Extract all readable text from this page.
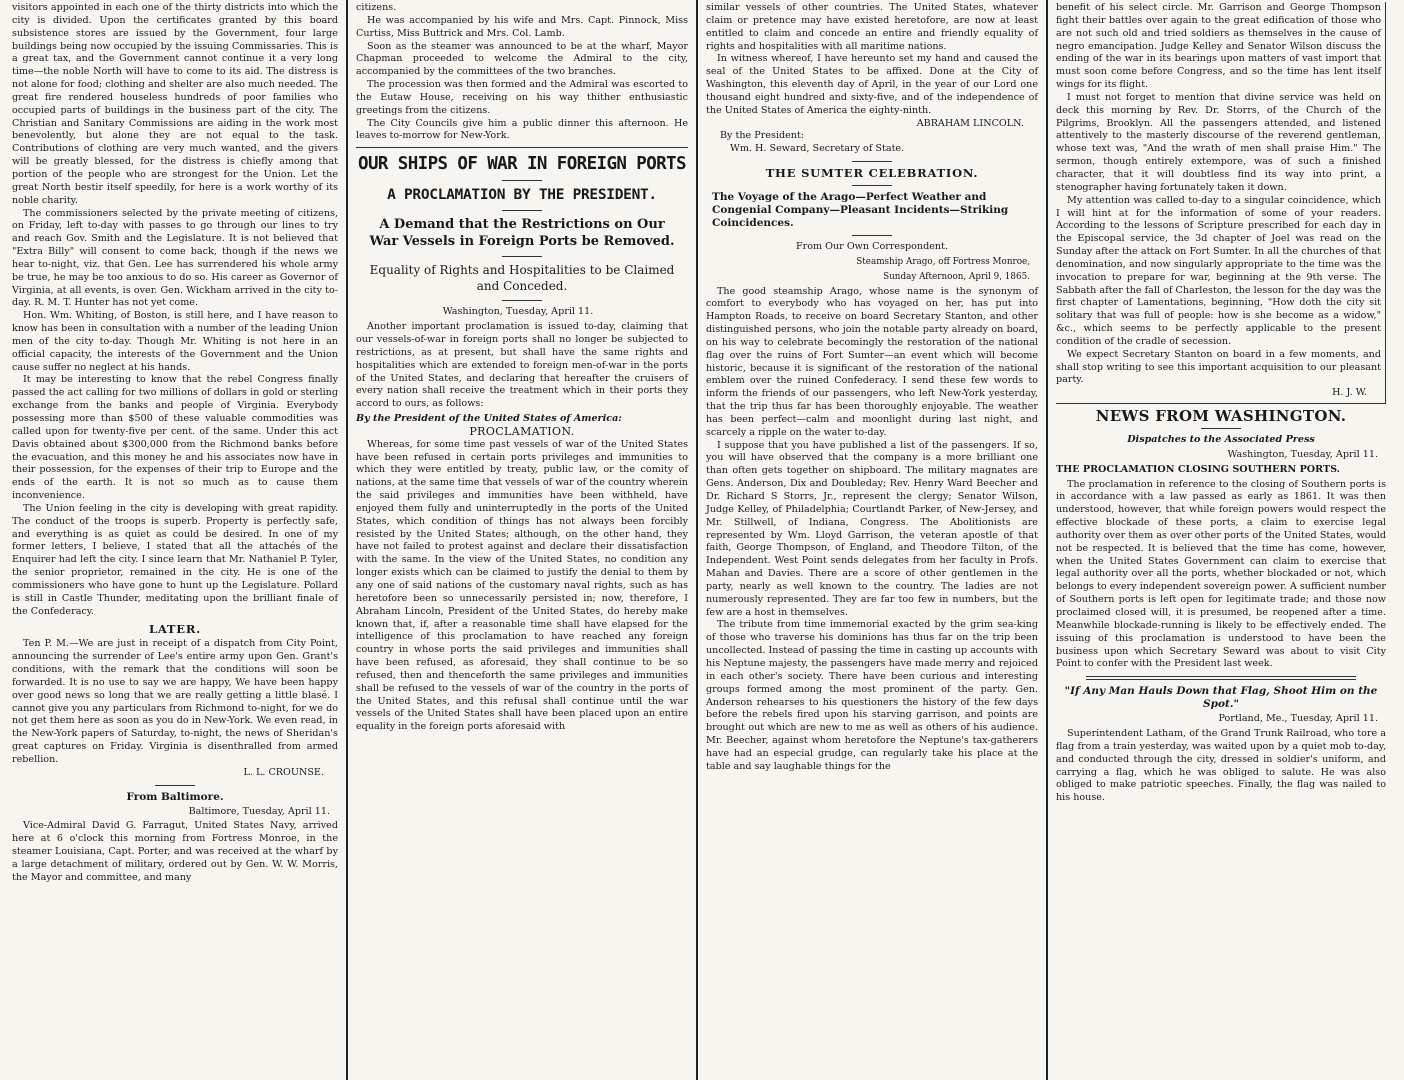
visitors appointed in each one of the thirty districts into which the city is divided. Upon the certificates granted by this board subsistence stores are issued by the Government, four large buildings being now occupied by the issuing Commissaries. This is a great tax, and the Government cannot continue it a very long time—the noble North will have to come to its aid. The distress is not alone for food; clothing and shelter are also much needed. The great fire rendered houseless hundreds of poor families who occupied parts of buildings in the business part of the city. The Christian and Sanitary Commissions are aiding in the work most benevolently, but alone they are not equal to the task. Contributions of clothing are very much wanted, and the givers will be greatly blessed, for the distress is chiefly among that portion of the people who are strongest for the Union. Let the great North bestir itself speedily, for here is a work worthy of its noble charity.

The commissioners selected by the private meeting of citizens, on Friday, left to-day with passes to go through our lines to try and reach Gov. Smith and the Legislature. It is not believed that "Extra Billy" will consent to come back, though if the news we hear to-night, viz. that Gen. Lee has surrendered his whole army be true, he may be too anxious to do so. His career as Governor of Virginia, at all events, is over. Gen. Wickham arrived in the city to-day. R. M. T. Hunter has not yet come.

Hon. Wm. Whiting, of Boston, is still here, and I have reason to know has been in consultation with a number of the leading Union men of the city to-day. Though Mr. Whiting is not here in an official capacity, the interests of the Government and the Union cause suffer no neglect at his hands.

It may be interesting to know that the rebel Congress finally passed the act calling for two millions of dollars in gold or sterling exchange from the banks and people of Virginia. Everybody possessing more than $500 of these valuable commodities was called upon for twenty-five per cent. of the same. Under this act Davis obtained about $300,000 from the Richmond banks before the evacuation, and this money he and his associates now have in their possession, for the expenses of their trip to Europe and the ends of the earth. It is not so much as to cause them inconvenience.

The Union feeling in the city is developing with great rapidity. The conduct of the troops is superb. Property is perfectly safe, and everything is as quiet as could be desired. In one of my former letters, I believe, I stated that all the attachés of the Enquirer had left the city. I since learn that Mr. Nathaniel P. Tyler, the senior proprietor, remained in the city. He is one of the commissioners who have gone to hunt up the Legislature. Pollard is still in Castle Thunder, meditating upon the brilliant finale of the Confederacy.

LATER.

Ten P. M.—We are just in receipt of a dispatch from City Point, announcing the surrender of Lee's entire army upon Gen. Grant's conditions, with the remark that the conditions will soon be forwarded. It is no use to say we are happy, We have been happy over good news so long that we are really getting a little blasé. I cannot give you any particulars from Richmond to-night, for we do not get them here as soon as you do in New-York. We even read, in the New-York papers of Saturday, to-night, the news of Sheridan's great captures on Friday. Virginia is disenthralled from armed rebellion.

L. L. CROUNSE.
From Baltimore.
Baltimore, Tuesday, April 11.

Vice-Admiral David G. Farragut, United States Navy, arrived here at 6 o'clock this morning from Fortress Monroe, in the steamer Louisiana, Capt. Porter, and was received at the wharf by a large detachment of military, ordered out by Gen. W. W. Morris, the Mayor and committee, and many

citizens.

He was accompanied by his wife and Mrs. Capt. Pinnock, Miss Curtiss, Miss Buttrick and Mrs. Col. Lamb.

Soon as the steamer was announced to be at the wharf, Mayor Chapman proceeded to welcome the Admiral to the city, accompanied by the committees of the two branches.

The procession was then formed and the Admiral was escorted to the Eutaw House, receiving on his way thither enthusiastic greetings from the citizens.

The City Councils give him a public dinner this afternoon. He leaves to-morrow for New-York.

OUR SHIPS OF WAR IN FOREIGN PORTS
A PROCLAMATION BY THE PRESIDENT.
A Demand that the Restrictions on Our War Vessels in Foreign Ports be Removed.
Equality of Rights and Hospitalities to be Claimed and Conceded.
Washington, Tuesday, April 11.

Another important proclamation is issued to-day, claiming that our vessels-of-war in foreign ports shall no longer be subjected to restrictions, as at present, but shall have the same rights and hospitalities which are extended to foreign men-of-war in the ports of the United States, and declaring that hereafter the cruisers of every nation shall receive the treatment which in their ports they accord to ours, as follows:

By the President of the United States of America:
PROCLAMATION.

Whereas, for some time past vessels of war of the United States have been refused in certain ports privileges and immunities to which they were entitled by treaty, public law, or the comity of nations, at the same time that vessels of war of the country wherein the said privileges and immunities have been withheld, have enjoyed them fully and uninterruptedly in the ports of the United States, which condition of things has not always been forcibly resisted by the United States; although, on the other hand, they have not failed to protest against and declare their dissatisfaction with the same. In the view of the United States, no condition any longer exists which can be claimed to justify the denial to them by any one of said nations of the customary naval rights, such as has heretofore been so unnecessarily persisted in; now, therefore, I Abraham Lincoln, President of the United States, do hereby make known that, if, after a reasonable time shall have elapsed for the intelligence of this proclamation to have reached any foreign country in whose ports the said privileges and immunities shall have been refused, as aforesaid, they shall continue to be so refused, then and thenceforth the same privileges and immunities shall be refused to the vessels of war of the country in the ports of the United States, and this refusal shall continue until the war vessels of the United States shall have been placed upon an entire equality in the foreign ports aforesaid with

similar vessels of other countries. The United States, whatever claim or pretence may have existed heretofore, are now at least entitled to claim and concede an entire and friendly equality of rights and hospitalities with all maritime nations.

In witness whereof, I have hereunto set my hand and caused the seal of the United States to be affixed. Done at the City of Washington, this eleventh day of April, in the year of our Lord one thousand eight hundred and sixty-five, and of the independence of the United States of America the eighty-ninth.

ABRAHAM LINCOLN.
By the President:
Wm. H. Seward, Secretary of State.
THE SUMTER CELEBRATION.
The Voyage of the Arago—Perfect Weather and Congenial Company—Pleasant Incidents—Striking Coincidences.
From Our Own Correspondent.
Steamship Arago, off Fortress Monroe,
Sunday Afternoon, April 9, 1865.

The good steamship Arago, whose name is the synonym of comfort to everybody who has voyaged on her, has put into Hampton Roads, to receive on board Secretary Stanton, and other distinguished persons, who join the notable party already on board, on his way to celebrate becomingly the restoration of the national flag over the ruins of Fort Sumter—an event which will become historic, because it is significant of the restoration of the national emblem over the ruined Confederacy. I send these few words to inform the friends of our passengers, who left New-York yesterday, that the trip thus far has been thoroughly enjoyable. The weather has been perfect—calm and moonlight during last night, and scarcely a ripple on the water to-day.

I suppose that you have published a list of the passengers. If so, you will have observed that the company is a more brilliant one than often gets together on shipboard. The military magnates are Gens. Anderson, Dix and Doubleday; Rev. Henry Ward Beecher and Dr. Richard S Storrs, Jr., represent the clergy; Senator Wilson, Judge Kelley, of Philadelphia; Courtlandt Parker, of New-Jersey, and Mr. Stillwell, of Indiana, Congress. The Abolitionists are represented by Wm. Lloyd Garrison, the veteran apostle of that faith, George Thompson, of England, and Theodore Tilton, of the Independent. West Point sends delegates from her faculty in Profs. Mahan and Davies. There are a score of other gentlemen in the party, nearly as well known to the country. The ladies are not numerously represented. They are far too few in numbers, but the few are a host in themselves.

The tribute from time immemorial exacted by the grim sea-king of those who traverse his dominions has thus far on the trip been uncollected. Instead of passing the time in casting up accounts with his Neptune majesty, the passengers have made merry and rejoiced in each other's society. There have been curious and interesting groups formed among the most prominent of the party. Gen. Anderson rehearses to his questioners the history of the few days before the rebels fired upon his starving garrison, and points are brought out which are new to me as well as others of his audience. Mr. Beecher, against whom heretofore the Neptune's tax-gatherers have had an especial grudge, can regularly take his place at the table and say laughable things for the

benefit of his select circle. Mr. Garrison and George Thompson fight their battles over again to the great edification of those who are not such old and tried soldiers as themselves in the cause of negro emancipation. Judge Kelley and Senator Wilson discuss the ending of the war in its bearings upon matters of vast import that must soon come before Congress, and so the time has lent itself wings for its flight.

I must not forget to mention that divine service was held on deck this morning by Rev. Dr. Storrs, of the Church of the Pilgrims, Brooklyn. All the passengers attended, and listened attentively to the masterly discourse of the reverend gentleman, whose text was, "And the wrath of men shall praise Him." The sermon, though entirely extempore, was of such a finished character, that it will doubtless find its way into print, a stenographer having fortunately taken it down.

My attention was called to-day to a singular coincidence, which I will hint at for the information of some of your readers. According to the lessons of Scripture prescribed for each day in the Episcopal service, the 3d chapter of Joel was read on the Sunday after the attack on Fort Sumter. In all the churches of that denomination, and now singularly appropriate to the time was the invocation to prepare for war, beginning at the 9th verse. The Sabbath after the fall of Charleston, the lesson for the day was the first chapter of Lamentations, beginning, "How doth the city sit solitary that was full of people: how is she become as a widow," &c., which seems to be perfectly applicable to the present condition of the cradle of secession.

We expect Secretary Stanton on board in a few moments, and shall stop writing to see this important acquisition to our pleasant party.

H. J. W.
NEWS FROM WASHINGTON.
Dispatches to the Associated Press
Washington, Tuesday, April 11.
THE PROCLAMATION CLOSING SOUTHERN PORTS.

The proclamation in reference to the closing of Southern ports is in accordance with a law passed as early as 1861. It was then understood, however, that while foreign powers would respect the effective blockade of these ports, a claim to exercise legal authority over them as over other ports of the United States, would not be respected. It is believed that the time has come, however, when the United States Government can claim to exercise that legal authority over all the ports, whether blockaded or not, which belongs to every independent sovereign power. A sufficient number of Southern ports is left open for legitimate trade; and those now proclaimed closed will, it is presumed, be reopened after a time. Meanwhile blockade-running is likely to be effectively ended. The issuing of this proclamation is understood to have been the business upon which Secretary Seward was about to visit City Point to confer with the President last week.

"If Any Man Hauls Down that Flag, Shoot Him on the Spot."
Portland, Me., Tuesday, April 11.

Superintendent Latham, of the Grand Trunk Railroad, who tore a flag from a train yesterday, was waited upon by a quiet mob to-day, and conducted through the city, dressed in soldier's uniform, and carrying a flag, which he was obliged to salute. He was also obliged to make patriotic speeches. Finally, the flag was nailed to his house.
